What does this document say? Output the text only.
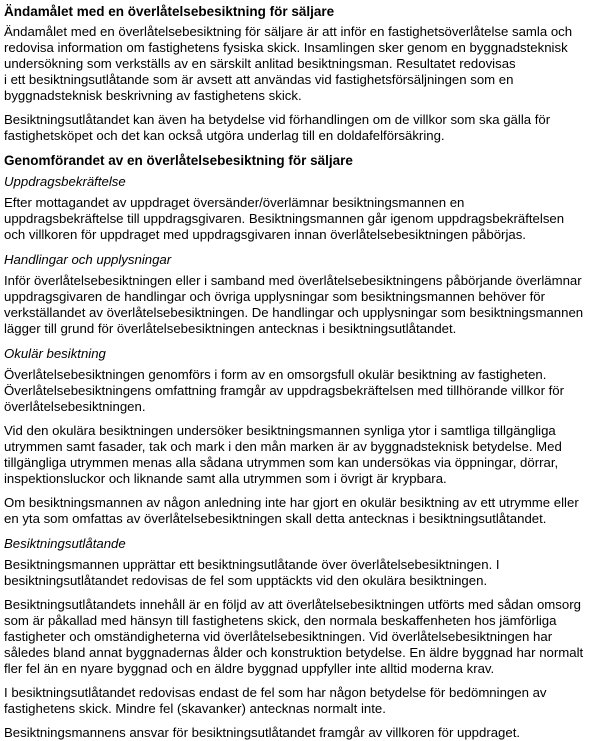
Ändamålet med en överlåtelsebesiktning för säljare
Ändamålet med en överlåtelsebesiktning för säljare är att inför en fastighetsöverlåtelse samla och
redovisa information om fastighetens fysiska skick. Insamlingen sker genom en byggnadsteknisk
undersökning som verkställs av en särskilt anlitad besiktningsman. Resultatet redovisas
i ett besiktningsutlåtande som är avsett att användas vid fastighetsförsäljningen som en
byggnadsteknisk beskrivning av fastighetens skick.
Besiktningsutlåtandet kan även ha betydelse vid förhandlingen om de villkor som ska gälla för
fastighetsköpet och det kan också utgöra underlag till en doldafelförsäkring.
Genomförandet av en överlåtelsebesiktning för säljare
Uppdragsbekräftelse
Efter mottagandet av uppdraget översänder/överlämnar besiktningsmannen en
uppdragsbekräftelse till uppdragsgivaren. Besiktningsmannen går igenom uppdragsbekräftelsen
och villkoren för uppdraget med uppdragsgivaren innan överlåtelsebesiktningen påbörjas.
Handlingar och upplysningar
Inför överlåtelsebesiktningen eller i samband med överlåtelsebesiktningens påbörjande överlämnar
uppdragsgivaren de handlingar och övriga upplysningar som besiktningsmannen behöver för
verkställandet av överlåtelsebesiktningen. De handlingar och upplysningar som besiktningsmannen
lägger till grund för överlåtelsebesiktningen antecknas i besiktningsutlåtandet.
Okulär besiktning
Överlåtelsebesiktningen genomförs i form av en omsorgsfull okulär besiktning av fastigheten.
Överlåtelsebesiktningens omfattning framgår av uppdragsbekräftelsen med tillhörande villkor för
överlåtelsebesiktningen.
Vid den okulära besiktningen undersöker besiktningsmannen synliga ytor i samtliga tillgängliga
utrymmen samt fasader, tak och mark i den mån marken är av byggnadsteknisk betydelse. Med
tillgängliga utrymmen menas alla sådana utrymmen som kan undersökas via öppningar, dörrar,
inspektionsluckor och liknande samt alla utrymmen som i övrigt är krypbara.
Om besiktningsmannen av någon anledning inte har gjort en okulär besiktning av ett utrymme eller
en yta som omfattas av överlåtelsebesiktningen skall detta antecknas i besiktningsutlåtandet.
Besiktningsutlåtande
Besiktningsmannen upprättar ett besiktningsutlåtande över överlåtelsebesiktningen. I
besiktningsutlåtandet redovisas de fel som upptäckts vid den okulära besiktningen.
Besiktningsutlåtandets innehåll är en följd av att överlåtelsebesiktningen utförts med sådan omsorg
som är påkallad med hänsyn till fastighetens skick, den normala beskaffenheten hos jämförliga
fastigheter och omständigheterna vid överlåtelsebesiktningen. Vid överlåtelsebesiktningen har
således bland annat byggnadernas ålder och konstruktion betydelse. En äldre byggnad har normalt
fler fel än en nyare byggnad och en äldre byggnad uppfyller inte alltid moderna krav.
I besiktningsutlåtandet redovisas endast de fel som har någon betydelse för bedömningen av
fastighetens skick. Mindre fel (skavanker) antecknas normalt inte.
Besiktningsmannens ansvar för besiktningsutlåtandet framgår av villkoren för uppdraget.
